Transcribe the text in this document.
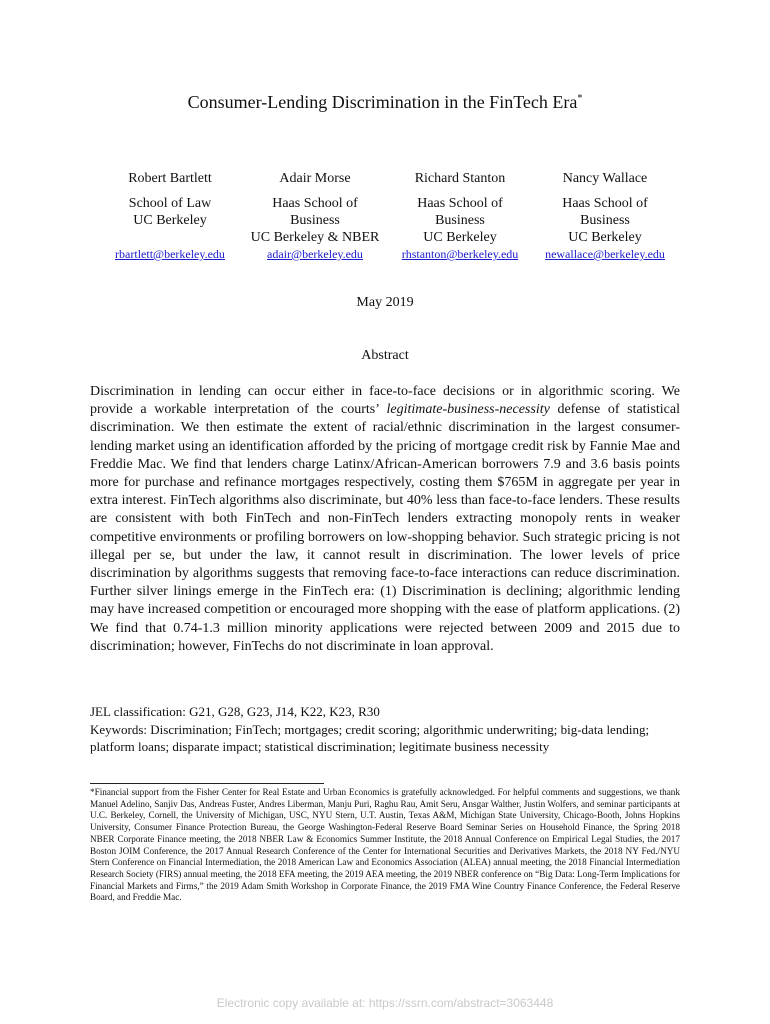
Consumer-Lending Discrimination in the FinTech Era*
Robert Bartlett
School of Law
UC Berkeley
rbartlett@berkeley.edu
Adair Morse
Haas School of
Business
UC Berkeley & NBER
adair@berkeley.edu
Richard Stanton
Haas School of
Business
UC Berkeley
rhstanton@berkeley.edu
Nancy Wallace
Haas School of
Business
UC Berkeley
newallace@berkeley.edu
May 2019
Abstract
Discrimination in lending can occur either in face-to-face decisions or in algorithmic scoring. We provide a workable interpretation of the courts’ legitimate-business-necessity defense of statistical discrimination. We then estimate the extent of racial/ethnic discrimination in the largest consumer-lending market using an identification afforded by the pricing of mortgage credit risk by Fannie Mae and Freddie Mac. We find that lenders charge Latinx/African-American borrowers 7.9 and 3.6 basis points more for purchase and refinance mortgages respectively, costing them $765M in aggregate per year in extra interest. FinTech algorithms also discriminate, but 40% less than face-to-face lenders. These results are consistent with both FinTech and non-FinTech lenders extracting monopoly rents in weaker competitive environments or profiling borrowers on low-shopping behavior. Such strategic pricing is not illegal per se, but under the law, it cannot result in discrimination. The lower levels of price discrimination by algorithms suggests that removing face-to-face interactions can reduce discrimination. Further silver linings emerge in the FinTech era: (1) Discrimination is declining; algorithmic lending may have increased competition or encouraged more shopping with the ease of platform applications. (2) We find that 0.74-1.3 million minority applications were rejected between 2009 and 2015 due to discrimination; however, FinTechs do not discriminate in loan approval.
JEL classification: G21, G28, G23, J14, K22, K23, R30
Keywords: Discrimination; FinTech; mortgages; credit scoring; algorithmic underwriting; big-data lending; platform loans; disparate impact; statistical discrimination; legitimate business necessity
*Financial support from the Fisher Center for Real Estate and Urban Economics is gratefully acknowledged. For helpful comments and suggestions, we thank Manuel Adelino, Sanjiv Das, Andreas Fuster, Andres Liberman, Manju Puri, Raghu Rau, Amit Seru, Ansgar Walther, Justin Wolfers, and seminar participants at U.C. Berkeley, Cornell, the University of Michigan, USC, NYU Stern, U.T. Austin, Texas A&M, Michigan State University, Chicago-Booth, Johns Hopkins University, Consumer Finance Protection Bureau, the George Washington-Federal Reserve Board Seminar Series on Household Finance, the Spring 2018 NBER Corporate Finance meeting, the 2018 NBER Law & Economics Summer Institute, the 2018 Annual Conference on Empirical Legal Studies, the 2017 Boston JOIM Conference, the 2017 Annual Research Conference of the Center for International Securities and Derivatives Markets, the 2018 NY Fed./NYU Stern Conference on Financial Intermediation, the 2018 American Law and Economics Association (ALEA) annual meeting, the 2018 Financial Intermediation Research Society (FIRS) annual meeting, the 2018 EFA meeting, the 2019 AEA meeting, the 2019 NBER conference on “Big Data: Long-Term Implications for Financial Markets and Firms,” the 2019 Adam Smith Workshop in Corporate Finance, the 2019 FMA Wine Country Finance Conference, the Federal Reserve Board, and Freddie Mac.
Electronic copy available at: https://ssrn.com/abstract=3063448
